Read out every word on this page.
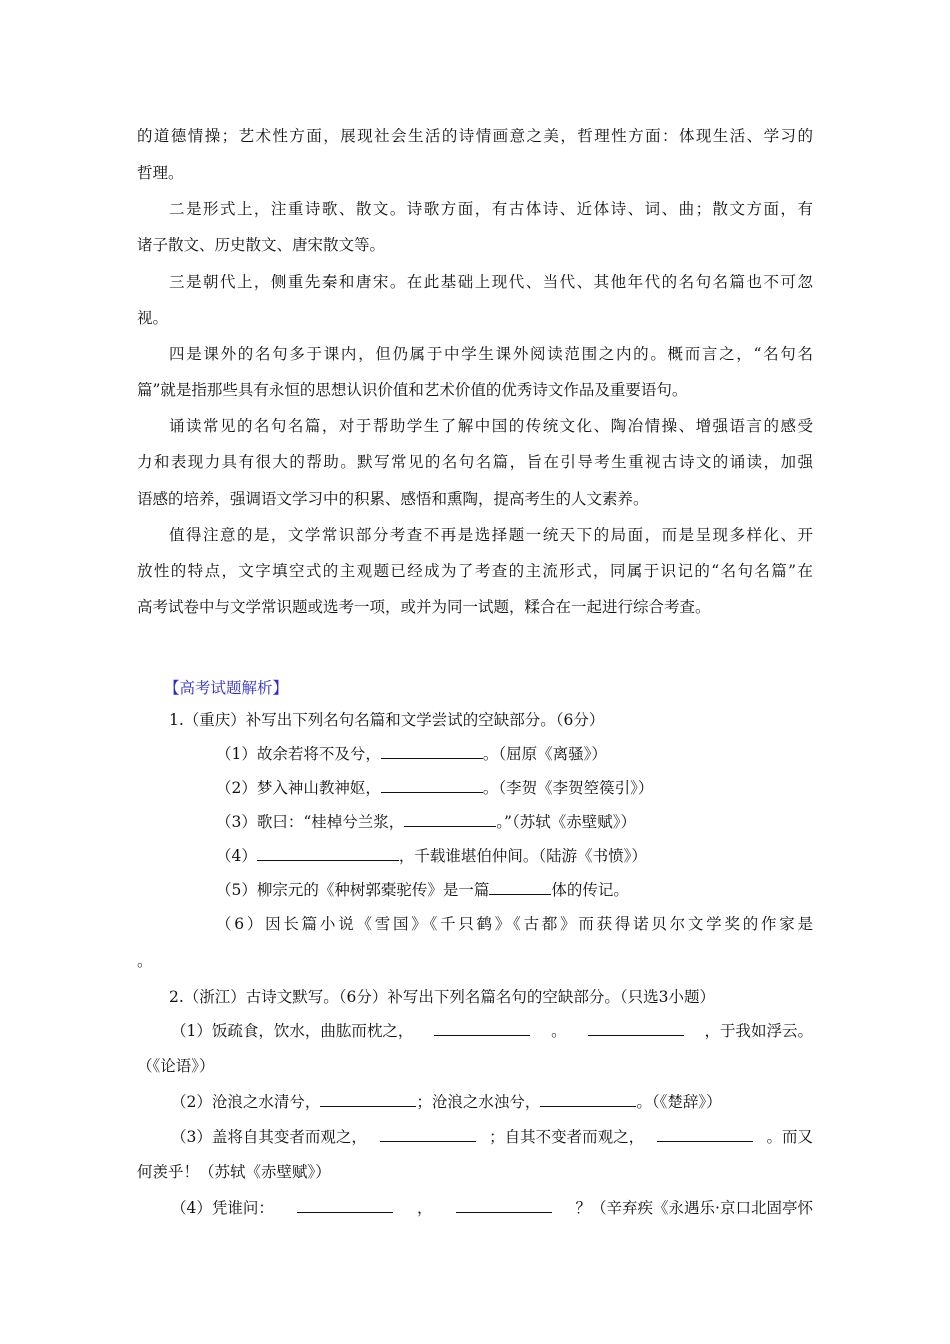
的道德情操；艺术性方面，展现社会生活的诗情画意之美，哲理性方面：体现生活、学习的
哲理。
二是形式上，注重诗歌、散文。诗歌方面，有古体诗、近体诗、词、曲；散文方面，有
诸子散文、历史散文、唐宋散文等。
三是朝代上，侧重先秦和唐宋。在此基础上现代、当代、其他年代的名句名篇也不可忽
视。
四是课外的名句多于课内，但仍属于中学生课外阅读范围之内的。概而言之，“名句名
篇”就是指那些具有永恒的思想认识价值和艺术价值的优秀诗文作品及重要语句。
诵读常见的名句名篇，对于帮助学生了解中国的传统文化、陶冶情操、增强语言的感受
力和表现力具有很大的帮助。默写常见的名句名篇，旨在引导考生重视古诗文的诵读，加强
语感的培养，强调语文学习中的积累、感悟和熏陶，提高考生的人文素养。
值得注意的是，文学常识部分考查不再是选择题一统天下的局面，而是呈现多样化、开
放性的特点，文字填空式的主观题已经成为了考查的主流形式，同属于识记的“名句名篇”在
高考试卷中与文学常识题或选考一项，或并为同一试题，糅合在一起进行综合考查。
【高考试题解析】
1.（重庆）补写出下列名句名篇和文学尝试的空缺部分。（6分）
（1）故余若将不及兮，	。（屈原《离骚》）
（2）梦入神山教神妪，	。（李贺《李贺箜篌引》）
（3）歌曰：“桂棹兮兰浆，	。”（苏轼《赤壁赋》）
（4）	，千载谁堪伯仲间。（陆游《书愤》）
（5）柳宗元的《种树郭橐驼传》是一篇	体的传记。
（6）因长篇小说《雪国》《千只鹤》《古都》而获得诺贝尔文学奖的作家是
。
2.（浙江）古诗文默写。（6分）补写出下列名篇名句的空缺部分。（只选3小题）
（1）饭疏食，饮水，曲肱而枕之，	。	，于我如浮云。
（《论语》）
（2）沧浪之水清兮，	；沧浪之水浊兮，	。（《楚辞》）
（3）盖将自其变者而观之，	；自其不变者而观之，	。而又
何羡乎！（苏轼《赤壁赋》）
（4）凭谁问：	，	？（辛弃疾《永遇乐·京口北固亭怀
